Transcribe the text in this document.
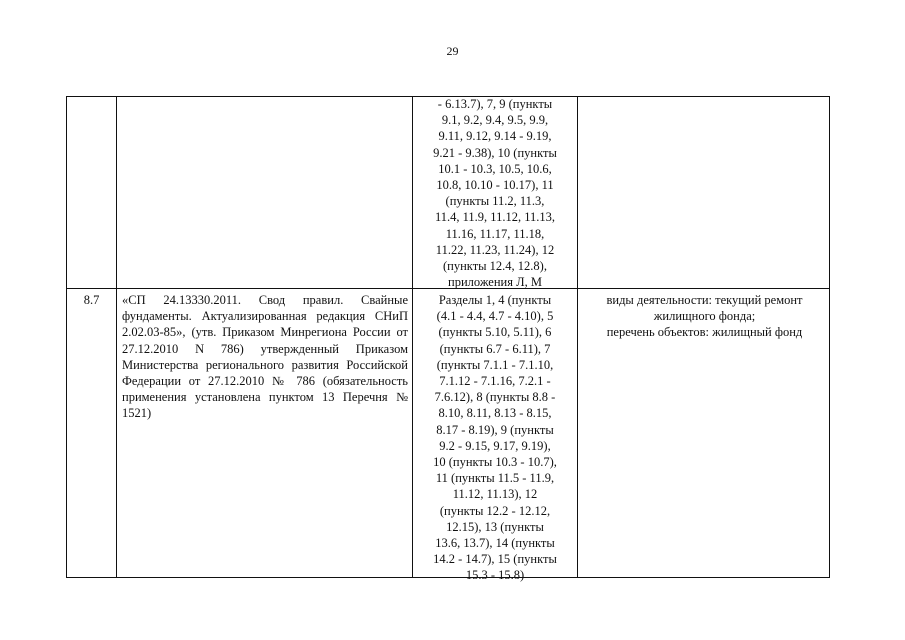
29
- 6.13.7), 7, 9 (пункты
9.1, 9.2, 9.4, 9.5, 9.9,
9.11, 9.12, 9.14 - 9.19,
9.21 - 9.38), 10 (пункты
10.1 - 10.3, 10.5, 10.6,
10.8, 10.10 - 10.17), 11
(пункты 11.2, 11.3,
11.4, 11.9, 11.12, 11.13,
11.16, 11.17, 11.18,
11.22, 11.23, 11.24), 12
(пункты 12.4, 12.8),
приложения Л, М
8.7	«СП 24.13330.2011. Свод правил. Свайные фундаменты. Актуализированная редакция СНиП 2.02.03-85», (утв. Приказом Минрегиона России от 27.12.2010 N 786) утвержденный Приказом Министерства регионального развития Российской Федерации от 27.12.2010 № 786 (обязательность применения установлена пунктом 13 Перечня № 1521)
Разделы 1, 4 (пункты
(4.1 - 4.4, 4.7 - 4.10), 5
(пункты 5.10, 5.11), 6
(пункты 6.7 - 6.11), 7
(пункты 7.1.1 - 7.1.10,
7.1.12 - 7.1.16, 7.2.1 -
7.6.12), 8 (пункты 8.8 -
8.10, 8.11, 8.13 - 8.15,
8.17 - 8.19), 9 (пункты
9.2 - 9.15, 9.17, 9.19),
10 (пункты 10.3 - 10.7),
11 (пункты 11.5 - 11.9,
11.12, 11.13), 12
(пункты 12.2 - 12.12,
12.15), 13 (пункты
13.6, 13.7), 14 (пункты
14.2 - 14.7), 15 (пункты
15.3 - 15.8)
виды деятельности: текущий ремонт
жилищного фонда;
перечень объектов: жилищный фонд
